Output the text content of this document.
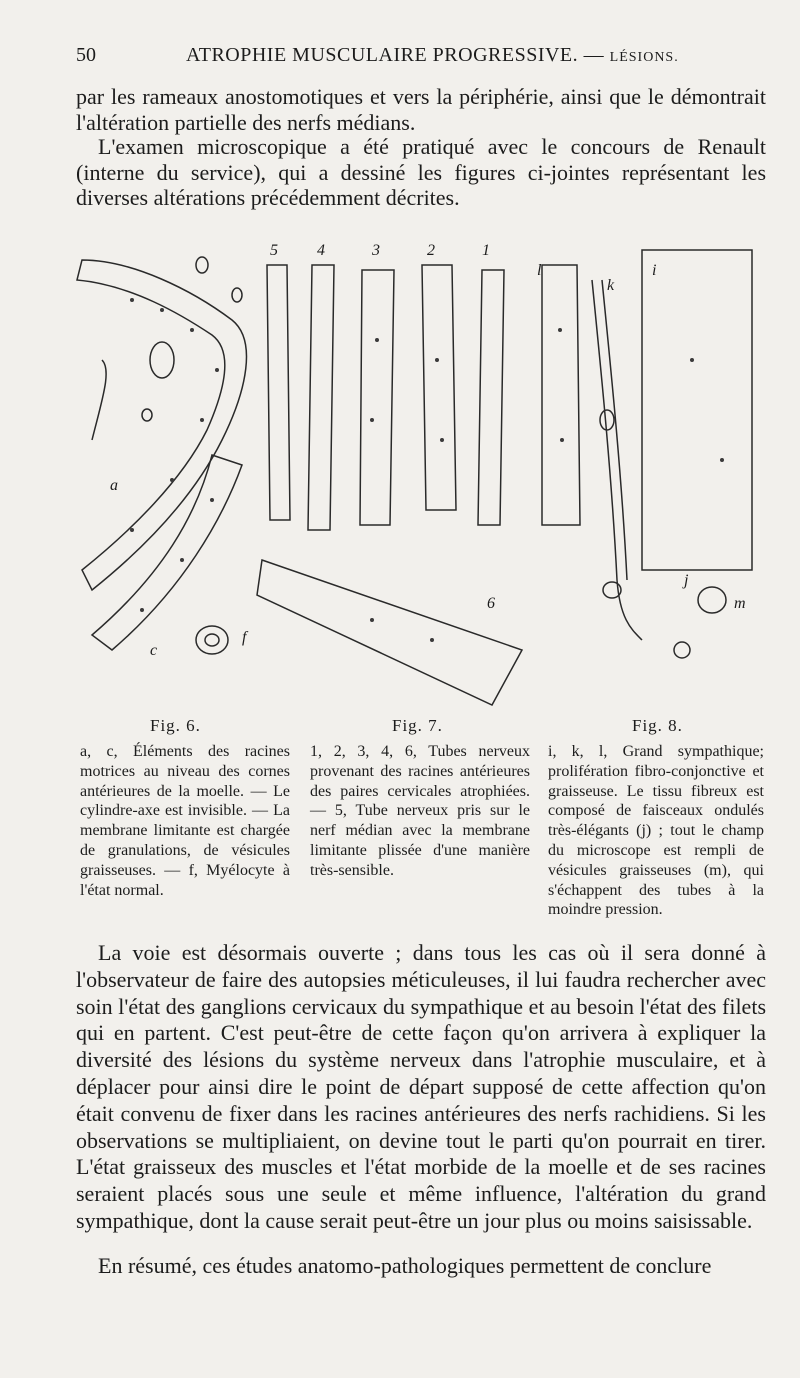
50	ATROPHIE MUSCULAIRE PROGRESSIVE. — LÉSIONS.

par les rameaux anostomotiques et vers la périphérie, ainsi que le démontrait l'altération partielle des nerfs médians.

L'examen microscopique a été pratiqué avec le concours de Renault (interne du service), qui a dessiné les figures ci-jointes représentant les diverses altérations précédemment décrites.

a
c
f
5 4	3	2	1
6
l
k
i
j
m
Fig. 6.	Fig. 7.	Fig. 8.

a, c, Éléments des racines motrices au niveau des cornes antérieures de la moelle. — Le cylindre-axe est invisible. — La membrane limitante est chargée de granulations, de vésicules graisseuses. — f, Myélocyte à l'état normal.

1, 2, 3, 4, 6, Tubes nerveux provenant des racines antérieures des paires cervicales atrophiées. — 5, Tube nerveux pris sur le nerf médian avec la membrane limitante plissée d'une manière très-sensible.

i, k, l, Grand sympathique; prolifération fibro-conjonctive et graisseuse. Le tissu fibreux est composé de faisceaux ondulés très-élégants (j) ; tout le champ du microscope est rempli de vésicules graisseuses (m), qui s'échappent des tubes à la moindre pression.

La voie est désormais ouverte ; dans tous les cas où il sera donné à l'observateur de faire des autopsies méticuleuses, il lui faudra rechercher avec soin l'état des ganglions cervicaux du sympathique et au besoin l'état des filets qui en partent. C'est peut-être de cette façon qu'on arrivera à expliquer la diversité des lésions du système nerveux dans l'atrophie musculaire, et à déplacer pour ainsi dire le point de départ supposé de cette affection qu'on était convenu de fixer dans les racines antérieures des nerfs rachidiens. Si les observations se multipliaient, on devine tout le parti qu'on pourrait en tirer. L'état graisseux des muscles et l'état morbide de la moelle et de ses racines seraient placés sous une seule et même influence, l'altération du grand sympathique, dont la cause serait peut-être un jour plus ou moins saisissable.

En résumé, ces études anatomo-pathologiques permettent de conclure
